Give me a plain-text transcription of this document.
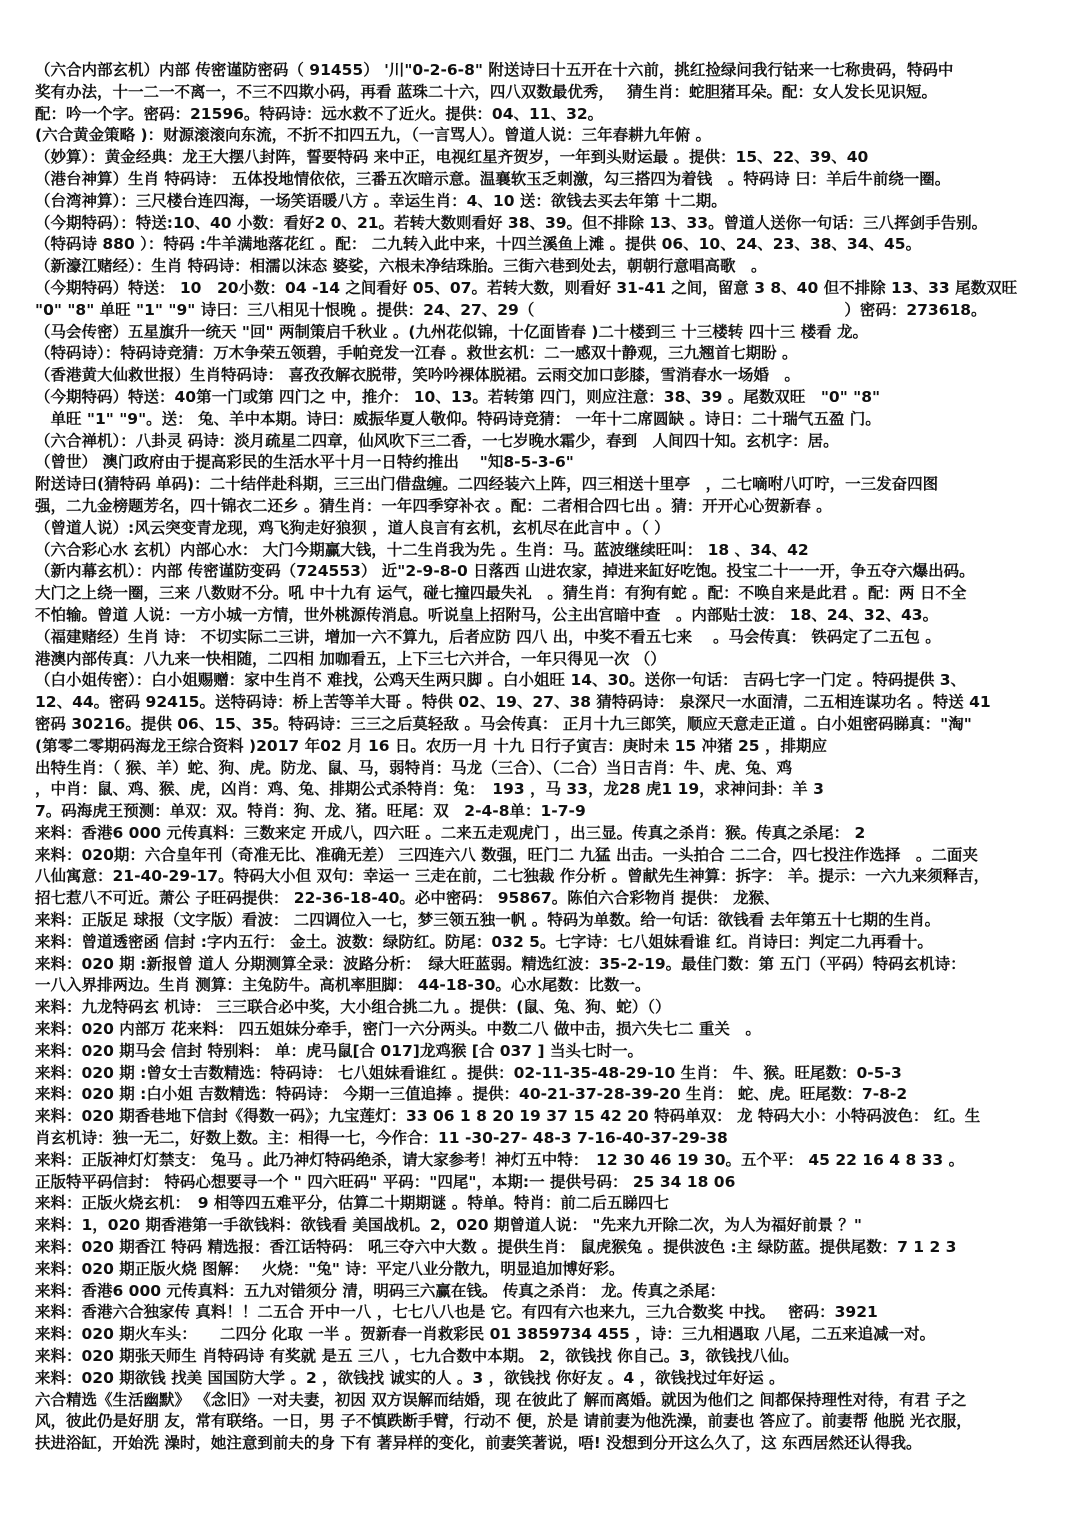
（六合内部玄机）内部 传密谨防密码（ 91455） '川"0-2-6-8" 附送诗曰十五开在十六前，挑红捡绿问我行钴来一七称贵码，特码中
奖有办法，十一二一不离一，不三不四欺小码，再看 蓝珠二十六，四八双数最优秀，　 猜生肖：蛇胆猪耳朵。配：女人发长见识短。
配：吟一个字。密码：21596。特码诗：远水救不了近火。提供：04、11、32。
(六合黄金策略 )：财源滚滚向东流，不折不扣四五九，（一言骂人）。曾道人说：三年春耕九年俯 。
（妙算）：黄金经典：龙王大摆八封阵，誓要特码 来中正，电视红星齐贺岁，一年到头财运最 。提供：15、22、39、40
（港台神算）生肖 特码诗： 五体投地情依依，三番五次暗示意。温襄软玉乏刺激，勾三搭四为着钱　。特码诗 曰：羊后牛前绕一圈。
（台湾神算）：三尺楼台连四海，一场笑语暖八方 。幸运生肖：4、10 送：欲钱去买去年第 十二期。
（今期特码）：特送:10、40 小数：看好2 0、21。若转大数则看好 38、39。但不排除 13、33。曾道人送你一句话：三八挥剑手告别。
（特码诗 880 ）：特码 :牛羊满地落花红 。配： 二九转入此中来，十四兰溪鱼上滩 。提供 06、10、24、23、38、34、45。
（新濠江赌经）：生肖 特码诗：相濡以沫态 婆娑，六根未净结珠胎。三街六巷到处去，朝朝行意唱高歌　。
（今期特码）特送： 10　20小数：04 -14 之间看好 05、07。若转大数，则看好 31-41 之间，留意 3 8、40 但不排除 13、33 尾数双旺
"0" "8" 单旺 "1" "9" 诗曰：三八相见十恨晚 。提供：24、27、29（　　　　　　　　　　　　　　　　　　　　）密码：273618。
（马会传密）五星旗升一统天 "回" 两制策启千秋业 。(九州花似锦，十亿面皆春 )二十楼到三 十三楼转 四十三 楼看 龙。
（特码诗）：特码诗竞猜：万木争荣五领碧，手帕竞发一江春 。救世玄机：二一感双十静观，三九翘首七期盼 。
（香港黄大仙救世报）生肖特码诗： 喜孜孜解衣脱带，笑吟吟裸体脱裙。云雨交加口彭膝，雪消春水一场婚　。
（今期特码）特送：40第一门或第 四门之 中，推介： 10、13。若转第 四门，则应注意：38、39 。尾数双旺　"0" "8"
　单旺 "1" "9"。送： 兔、羊中本期。诗曰：威振华夏人敬仰。特码诗竞猜： 一年十二席圆缺 。诗日：二十瑞气五盈 门。
（六合禅机）：八卦灵 码诗：淡月疏星二四章，仙风吹下三二香，一七岁晚水霜少，春到　人间四十知。玄机字：居。
（曾世） 澳门政府由于提高彩民的生活水平十月一日特约推出　 "知8-5-3-6"
附送诗曰(猜特码 单码)：二十结伴赴科期，三三出门借盘缠。二四经装六上阵，四三相送十里亭　，二七嘀咐八叮咛，一三发奋四图
强，二九金榜题芳名，四十锦衣二还乡 。猜生肖：一年四季穿补衣 。配：二者相合四七出 。猜：开开心心贺新春 。
（曾道人说）:风云突变青龙现，鸡飞狗走好狼狈 ，道人良言有玄机，玄机尽在此言中 。（ ）
（六合彩心水 玄机）内部心水： 大门今期赢大钱，十二生肖我为先 。生肖：马。蓝波继续旺叫： 18 、34、42
（新内幕玄机）：内部 传密谨防变码（724553） 近"2-9-8-0 日落西 山进农家，掉进来缸好吃饱。投宝二十一一开，争五夺六爆出码。
大门之上绕一圈，三来 八数财不分。吼 中十九有 运气，碰七撞四最失礼　。猜生肖：有狗有蛇 。配：不唤自来是此君 。配：两 日不全
不怕输。曾道 人说：一方小城一方情，世外桃源传消息。听说皇上招附马，公主出宫暗中查　。内部贴士波： 18、24、32、43。
（福建赌经）生肖 诗： 不切实际二三讲，增加一六不算九，后者应防 四八 出，中奖不看五七来　 。马会传真： 铁码定了二五包 。
港澳内部传真：八九来一快相随，二四相 加咖看五，上下三七六并合，一年只得见一次 （）
（白小姐传密）：白小姐赐赠：家中生肖不 难找，公鸡天生两只脚 。白小姐旺 14、30。送你一句话： 吉码七字一门定 。特码提供 3、
12、44。密码 92415。送特码诗：桥上苦等羊大哥 。特供 02、19、27、38 猜特码诗： 泉深尺一水面清，二五相连谋功名 。特送 41
密码 30216。提供 06、15、35。特码诗：三三之后莫轻敌 。马会传真： 正月十九三郎笑，顺应天意走正道 。白小姐密码睇真："淘"
(第零二零期码海龙王综合资料 )2017 年02 月 16 日。农历一月 十九 日行子寅吉：庚时未 15 冲猪 25 ，排期应
出特生肖：（ 猴、羊）蛇、狗、虎。防龙、鼠、马，弱特肖：马龙（三合）、（二合）当日吉肖：牛、虎、兔、鸡
，中肖：鼠、鸡、猴、虎，凶肖：鸡、兔、排期公式杀特肖：兔：　193 ，马 33，龙28 虎1 19，求神问卦：羊 3
7。码海虎王预测：单双：双。特肖：狗、龙、猪。旺尾：双　2-4-8单：1-7-9
来料：香港6 000 元传真料：三数来定 开成八，四六旺 。二来五走观虎门 ，出三显。传真之杀肖：猴。传真之杀尾： 2
来料：020期：六合皇年刊（奇准无比、准确无差） 三四连六八 数强，旺门二 九猛 出击。一头拍合 二二合，四七投注作选择　。二面夹
八仙寓意：21-40-29-17。特码大小但 双句：幸运一 三走在前，二七独裁 作分析 。曾献先生神算：拆字： 羊。提示：一六九来须释吉，
招七惹八不可近。萧公 子旺码提供： 22-36-18-40。必中密码： 95867。陈伯六合彩物肖 提供： 龙猴、
来料：正版足 球报（文字版）看波： 二四调位入一七，梦三领五独一帆 。特码为单数。给一句话：欲钱看 去年第五十七期的生肖。
来料：曾道透密函 信封 :字内五行： 金土。波数：绿防红。防尾：032 5。七字诗：七八姐妹看谁 红。肖诗曰：判定二九再看十。
来料：020 期 :新报曾 道人 分期测算全录：波路分析：　绿大旺蓝弱。精选红波：35-2-19。最佳门数：第 五门（平码）特码玄机诗：
一八入界排两边。生肖 测算：主兔防牛。高机率胆脚： 44-18-30。心水尾数：比数一。
来料：九龙特码玄 机诗： 三三联合必中奖，大小组合挑二九 。提供：(鼠、兔、狗、蛇）（）
来料：020 内部万 花来料： 四五姐妹分牵手，密门一六分两头。中数二八 做中击，损六失七二 重关　。
来料：020 期马会 信封 特别料： 单：虎马鼠[合 017]龙鸡猴 [合 037 ] 当头七时一。
来料：020 期 :曾女士吉数精选：特码诗： 七八姐妹看谁红 。提供：02-11-35-48-29-10 生肖： 牛、猴。旺尾数：0-5-3
来料：020 期 :白小姐 吉数精选：特码诗： 今期一三值追捧 。提供：40-21-37-28-39-20 生肖： 蛇、虎。旺尾数：7-8-2
来料：020 期香巷地下信封《得数一码》；九宝莲灯：33 06 1 8 20 19 37 15 42 20 特码单双： 龙 特码大小：小特码波色： 红。生
肖玄机诗：独一无二，好数上数。主：相得一七，今作合：11 -30-27- 48-3 7-16-40-37-29-38
来料：正版神灯灯禁支： 兔马 。此乃神灯特码绝杀，请大家参考！神灯五中特：　12 30 46 19 30。五个平： 45 22 16 4 8 33 。
正版特平码信封： 特码心想要寻一个 " 四六旺码" 平码："四尾"，本期:一 提供号码： 25 34 18 06
来料：正版火烧玄机：　9 相等四五难平分，估算二十期期谜 。特单。特肖：前二后五睇四七
来料：1，020 期香港第一手欲钱料：欲钱看 美国战机。2，020 期曾道人说： "先来九开除二次，为人为福好前景 ？"
来料：020 期香江 特码 精选报：香江话特码： 吼三夺六中大数 。提供生肖： 鼠虎猴兔 。提供波色 :主 绿防蓝。提供尾数：7 1 2 3
来料：020 期正版火烧 图解：　 火烧："兔" 诗：平定八业分散九，明显追加博好彩。
来料：香港6 000 元传真料：五九对错须分 清，明码三六赢在钱。 传真之杀肖： 龙。传真之杀尾：
来料：香港六合独家传 真料！！二五合 开中一八 ，七七八八也是 它。有四有六也来九，三九合数奖 中找。　 密码：3921
来料：020 期火车头：　　二四分 化取 一半 。贺新春一肖救彩民 01 3859734 455 ，诗：三九相遇取 八尾，二五来追减一对。
来料：020 期张天师生 肖特码诗 有奖就 是五 三八 ，七九合数中本期。 2，欲钱找 你自己。3，欲钱找八仙。
来料：020 期欲钱 找美 国国防大学 。2 ，欲钱找 诚实的人 。3 ，欲钱找 你好友 。4 ，欲钱找过年好运 。
六合精选《生活幽默》 《念旧》一对夫妻，初因 双方误解而结婚，现 在彼此了 解而离婚。就因为他们之 间都保持理性对待，有君 子之
风，彼此仍是好朋 友，常有联络。一日，男 子不慎跌断手臂，行动不 便，於是 请前妻为他洗澡，前妻也 答应了。前妻帮 他脱 光衣服，
扶进浴缸，开始洗 澡时，她注意到前夫的身 下有 著异样的变化，前妻笑著说，唔! 没想到分开这么久了，这 东西居然还认得我。
